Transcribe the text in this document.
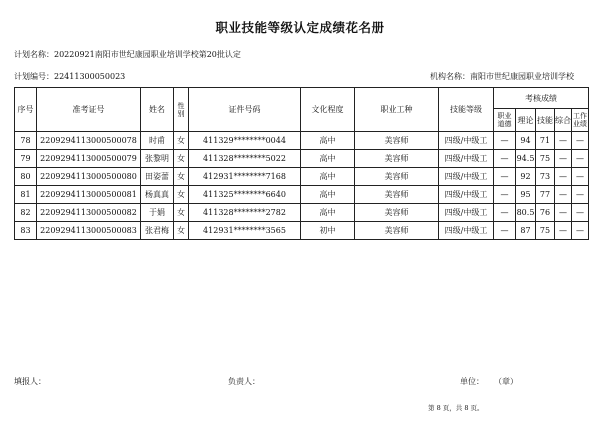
职业技能等级认定成绩花名册
计划名称：20220921南阳市世纪康园职业培训学校第20批认定
计划编号：22411300050023	机构名称：南阳市世纪康园职业培训学校
序号	准考证号	姓名	性别	证件号码	文化程度	职业工种	技能等级	考核成绩				
								职业道德	理论	技能	综合	工作业绩
78	2209294113000500078	时甫	女	411329********0044	高中	美容师	四级/中级工	—	94	71	—	—
79	2209294113000500079	张黎明	女	411328********5022	高中	美容师	四级/中级工	—	94.5	75	—	—
80	2209294113000500080	田姿蕾	女	412931********7168	高中	美容师	四级/中级工	—	92	73	—	—
81	2209294113000500081	杨真真	女	411325********6640	高中	美容师	四级/中级工	—	95	77	—	—
82	2209294113000500082	于娟	女	411328********2782	高中	美容师	四级/中级工	—	80.5	76	—	—
83	2209294113000500083	张君梅	女	412931********3565	初中	美容师	四级/中级工	—	87	75	—	—
填报人：	负责人：	单位： （章）
第 8 页，共 8 页。
